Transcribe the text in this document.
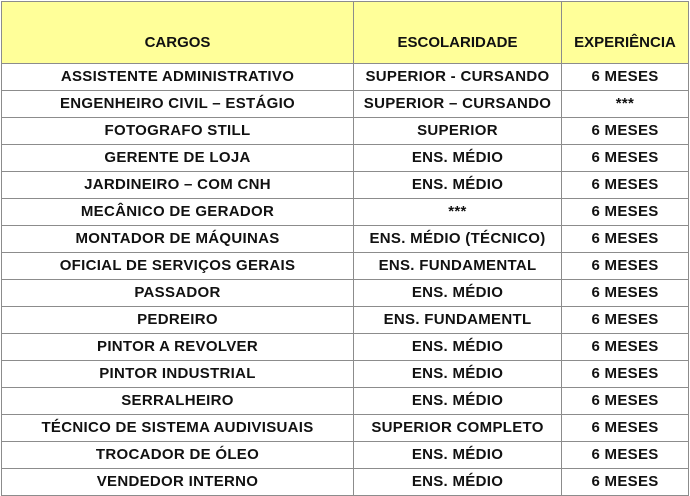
CARGOS	ESCOLARIDADE	EXPERIÊNCIA
ASSISTENTE ADMINISTRATIVO	SUPERIOR - CURSANDO	6 MESES
ENGENHEIRO CIVIL – ESTÁGIO	SUPERIOR – CURSANDO	***
FOTOGRAFO STILL	SUPERIOR	6 MESES
GERENTE DE LOJA	ENS. MÉDIO	6 MESES
JARDINEIRO – COM CNH	ENS. MÉDIO	6 MESES
MECÂNICO DE GERADOR	***	6 MESES
MONTADOR DE MÁQUINAS	ENS. MÉDIO (TÉCNICO)	6 MESES
OFICIAL DE SERVIÇOS GERAIS	ENS. FUNDAMENTAL	6 MESES
PASSADOR	ENS. MÉDIO	6 MESES
PEDREIRO	ENS. FUNDAMENTL	6 MESES
PINTOR A REVOLVER	ENS. MÉDIO	6 MESES
PINTOR INDUSTRIAL	ENS. MÉDIO	6 MESES
SERRALHEIRO	ENS. MÉDIO	6 MESES
TÉCNICO DE SISTEMA AUDIVISUAIS	SUPERIOR COMPLETO	6 MESES
TROCADOR DE ÓLEO	ENS. MÉDIO	6 MESES
VENDEDOR INTERNO	ENS. MÉDIO	6 MESES
